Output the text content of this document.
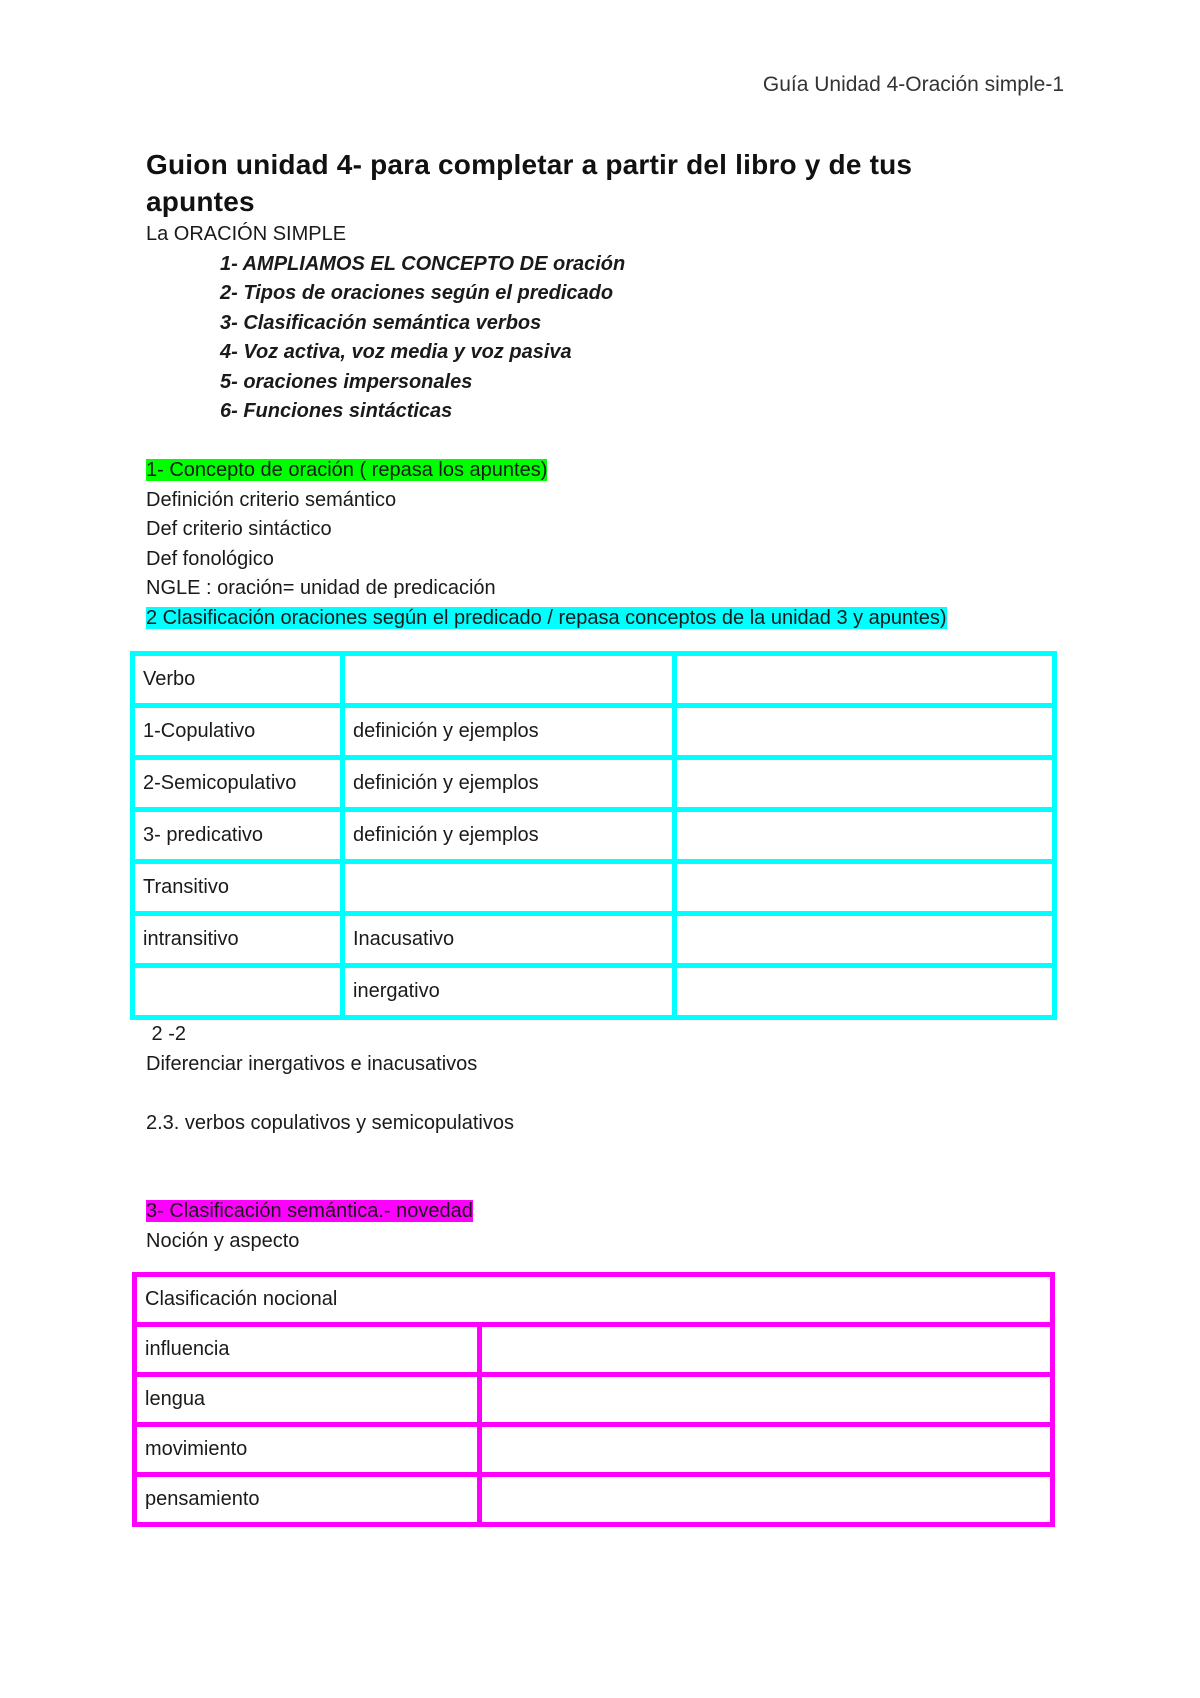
Guía Unidad 4-Oración simple-1
Guion unidad 4- para completar a partir del libro y de tus
apuntes

La ORACIÓN SIMPLE

1- AMPLIAMOS EL CONCEPTO DE oración
2- Tipos de oraciones según el predicado
3- Clasificación semántica verbos
4- Voz activa, voz media y voz pasiva
5- oraciones impersonales
6- Funciones sintácticas

1- Concepto de oración ( repasa los apuntes)

Definición criterio semántico

Def criterio sintáctico

Def fonológico

NGLE : oración= unidad de predicación

2 Clasificación oraciones según el predicado / repasa conceptos de la unidad 3 y apuntes)

Verbo		
1-Copulativo	definición y ejemplos	
2-Semicopulativo	definición y ejemplos	
3- predicativo	definición y ejemplos	
Transitivo		
intransitivo	Inacusativo	
	inergativo	

2 -2

Diferenciar inergativos e inacusativos

2.3. verbos copulativos y semicopulativos

3- Clasificación semántica.- novedad

Noción y aspecto

Clasificación nocional	
influencia	
lengua	
movimiento	
pensamiento	
